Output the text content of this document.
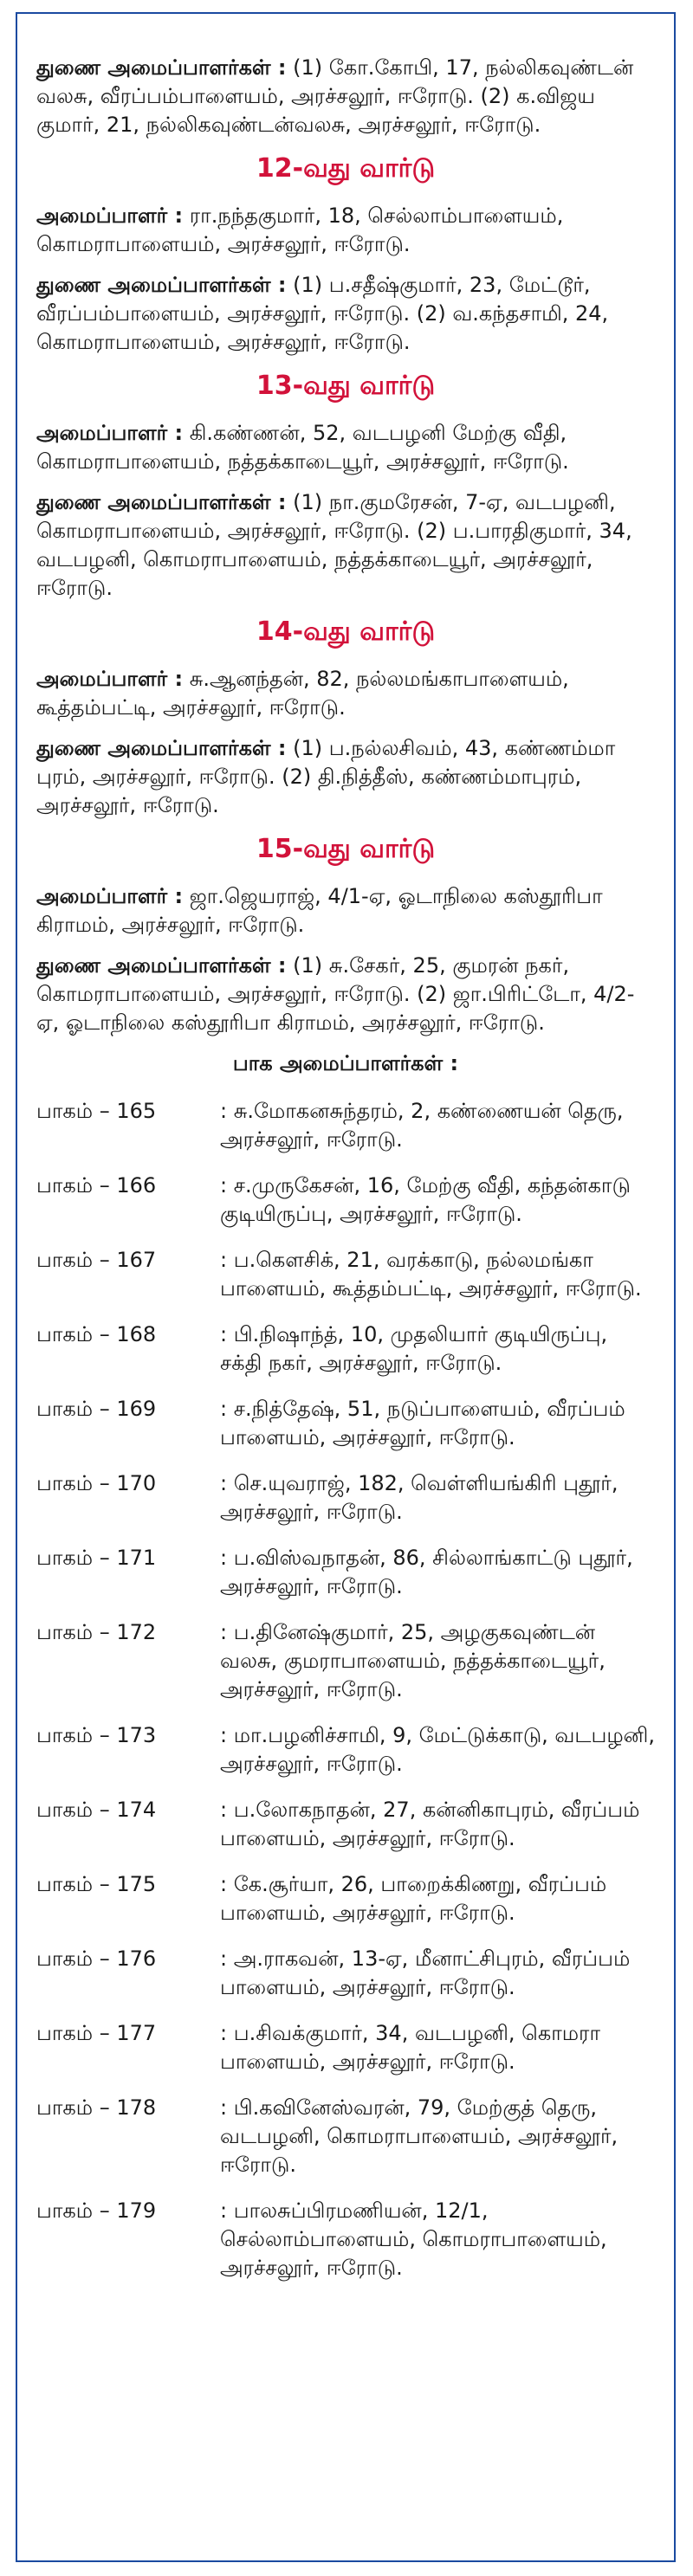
துணை அமைப்பாளர்கள் : (1) கோ.கோபி, 17, நல்லிகவுண்டன் வலசு, வீரப்பம்பாளையம், அரச்சலூர், ஈரோடு. (2) க.விஜய குமார், 21, நல்லிகவுண்டன்வலசு, அரச்சலூர், ஈரோடு.

12-வது வார்டு

அமைப்பாளர் : ரா.நந்தகுமார், 18, செல்லாம்பாளையம், கொமராபாளையம், அரச்சலூர், ஈரோடு.

துணை அமைப்பாளர்கள் : (1) ப.சதீஷ்குமார், 23, மேட்டூர், வீரப்பம்பாளையம், அரச்சலூர், ஈரோடு. (2) வ.கந்தசாமி, 24, கொமராபாளையம், அரச்சலூர், ஈரோடு.

13-வது வார்டு

அமைப்பாளர் : கி.கண்ணன், 52, வடபழனி மேற்கு வீதி, கொமராபாளையம், நத்தக்காடையூர், அரச்சலூர், ஈரோடு.

துணை அமைப்பாளர்கள் : (1) நா.குமரேசன், 7-ஏ, வடபழனி, கொமராபாளையம், அரச்சலூர், ஈரோடு. (2) ப.பாரதிகுமார், 34, வடபழனி, கொமராபாளையம், நத்தக்காடையூர், அரச்சலூர், ஈரோடு.

14-வது வார்டு

அமைப்பாளர் : சு.ஆனந்தன், 82, நல்லமங்காபாளையம், கூத்தம்பட்டி, அரச்சலூர், ஈரோடு.

துணை அமைப்பாளர்கள் : (1) ப.நல்லசிவம், 43, கண்ணம்மா புரம், அரச்சலூர், ஈரோடு. (2) தி.நித்தீஸ், கண்ணம்மாபுரம், அரச்சலூர், ஈரோடு.

15-வது வார்டு

அமைப்பாளர் : ஜா.ஜெயராஜ், 4/1-ஏ, ஓடாநிலை கஸ்தூரிபா கிராமம், அரச்சலூர், ஈரோடு.

துணை அமைப்பாளர்கள் : (1) சு.சேகர், 25, குமரன் நகர், கொமராபாளையம், அரச்சலூர், ஈரோடு. (2) ஜா.பிரிட்டோ, 4/2-ஏ, ஓடாநிலை கஸ்தூரிபா கிராமம், அரச்சலூர், ஈரோடு.

பாக அமைப்பாளர்கள் :
பாகம் – 165	: சு.மோகனசுந்தரம், 2, கண்ணையன் தெரு, அரச்சலூர், ஈரோடு.
பாகம் – 166	: ச.முருகேசன், 16, மேற்கு வீதி, கந்தன்காடு குடியிருப்பு, அரச்சலூர், ஈரோடு.
பாகம் – 167	: ப.கௌசிக், 21, வரக்காடு, நல்லமங்கா பாளையம், கூத்தம்பட்டி, அரச்சலூர், ஈரோடு.
பாகம் – 168	: பி.நிஷாந்த், 10, முதலியார் குடியிருப்பு, சக்தி நகர், அரச்சலூர், ஈரோடு.
பாகம் – 169	: ச.நித்தேஷ், 51, நடுப்பாளையம், வீரப்பம் பாளையம், அரச்சலூர், ஈரோடு.
பாகம் – 170	: செ.யுவராஜ், 182, வெள்ளியங்கிரி புதூர், அரச்சலூர், ஈரோடு.
பாகம் – 171	: ப.விஸ்வநாதன், 86, சில்லாங்காட்டு புதூர், அரச்சலூர், ஈரோடு.
பாகம் – 172	: ப.தினேஷ்குமார், 25, அழகுகவுண்டன் வலசு, குமராபாளையம், நத்தக்காடையூர், அரச்சலூர், ஈரோடு.
பாகம் – 173	: மா.பழனிச்சாமி, 9, மேட்டுக்காடு, வடபழனி, அரச்சலூர், ஈரோடு.
பாகம் – 174	: ப.லோகநாதன், 27, கன்னிகாபுரம், வீரப்பம் பாளையம், அரச்சலூர், ஈரோடு.
பாகம் – 175	: கே.சூர்யா, 26, பாறைக்கிணறு, வீரப்பம் பாளையம், அரச்சலூர், ஈரோடு.
பாகம் – 176	: அ.ராகவன், 13-ஏ, மீனாட்சிபுரம், வீரப்பம் பாளையம், அரச்சலூர், ஈரோடு.
பாகம் – 177	: ப.சிவக்குமார், 34, வடபழனி, கொமரா பாளையம், அரச்சலூர், ஈரோடு.
பாகம் – 178	: பி.கவினேஸ்வரன், 79, மேற்குத் தெரு, வடபழனி, கொமராபாளையம், அரச்சலூர், ஈரோடு.
பாகம் – 179	: பாலசுப்பிரமணியன், 12/1, செல்லாம்பாளையம், கொமராபாளையம், அரச்சலூர், ஈரோடு.
